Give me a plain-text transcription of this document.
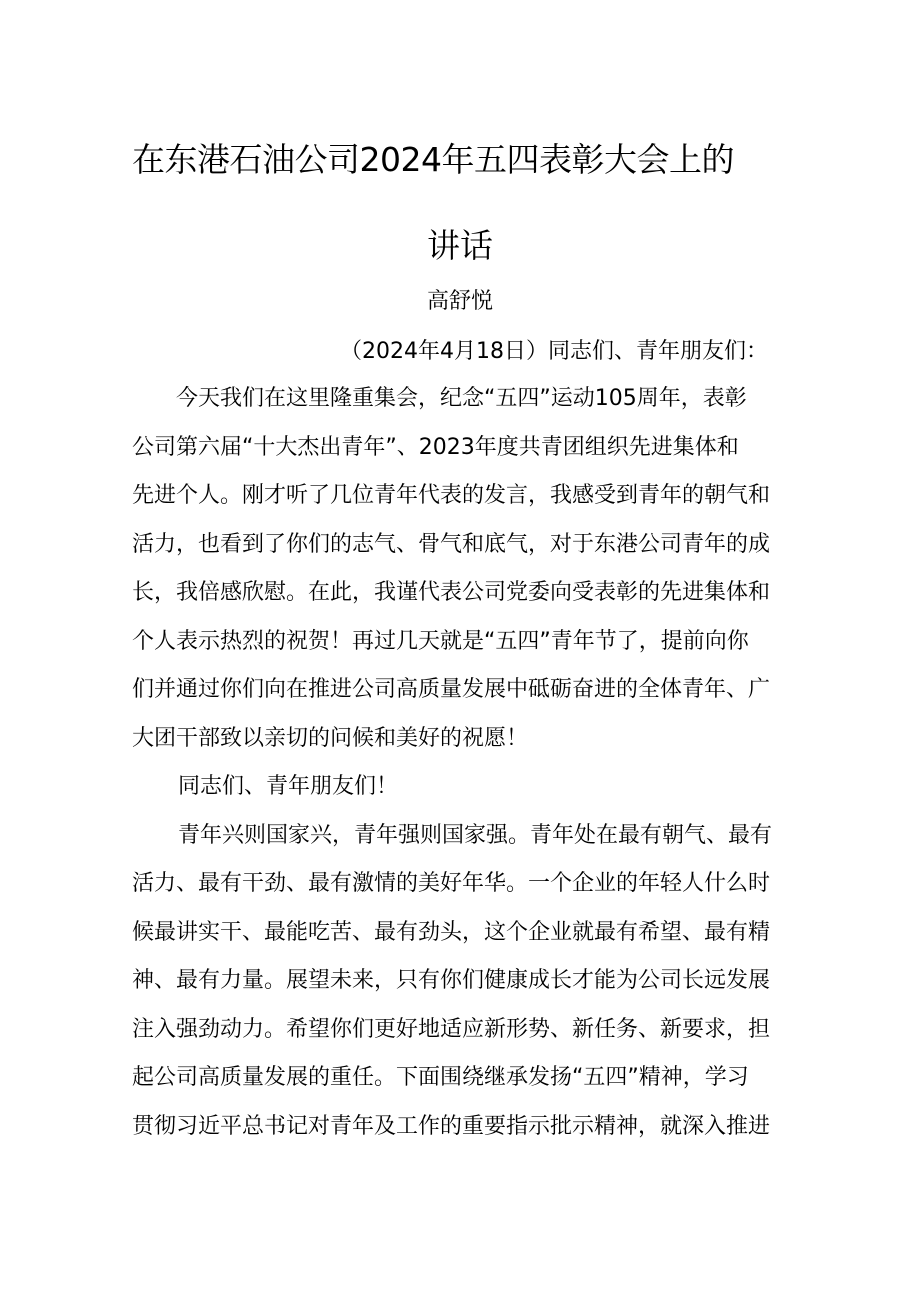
在东港石油公司2024年五四表彰大会上的
讲话
高舒悦
（2024年4月18日）同志们、青年朋友们：
今天我们在这里隆重集会，纪念“五四”运动105周年，表彰
公司第六届“十大杰出青年”、2023年度共青团组织先进集体和
先进个人。刚才听了几位青年代表的发言，我感受到青年的朝气和
活力，也看到了你们的志气、骨气和底气，对于东港公司青年的成
长，我倍感欣慰。在此，我谨代表公司党委向受表彰的先进集体和
个人表示热烈的祝贺！再过几天就是“五四”青年节了，提前向你
们并通过你们向在推进公司高质量发展中砥砺奋进的全体青年、广
大团干部致以亲切的问候和美好的祝愿！
同志们、青年朋友们！
青年兴则国家兴，青年强则国家强。青年处在最有朝气、最有
活力、最有干劲、最有激情的美好年华。一个企业的年轻人什么时
候最讲实干、最能吃苦、最有劲头，这个企业就最有希望、最有精
神、最有力量。展望未来，只有你们健康成长才能为公司长远发展
注入强劲动力。希望你们更好地适应新形势、新任务、新要求，担
起公司高质量发展的重任。下面围绕继承发扬“五四”精神，学习
贯彻习近平总书记对青年及工作的重要指示批示精神，就深入推进
